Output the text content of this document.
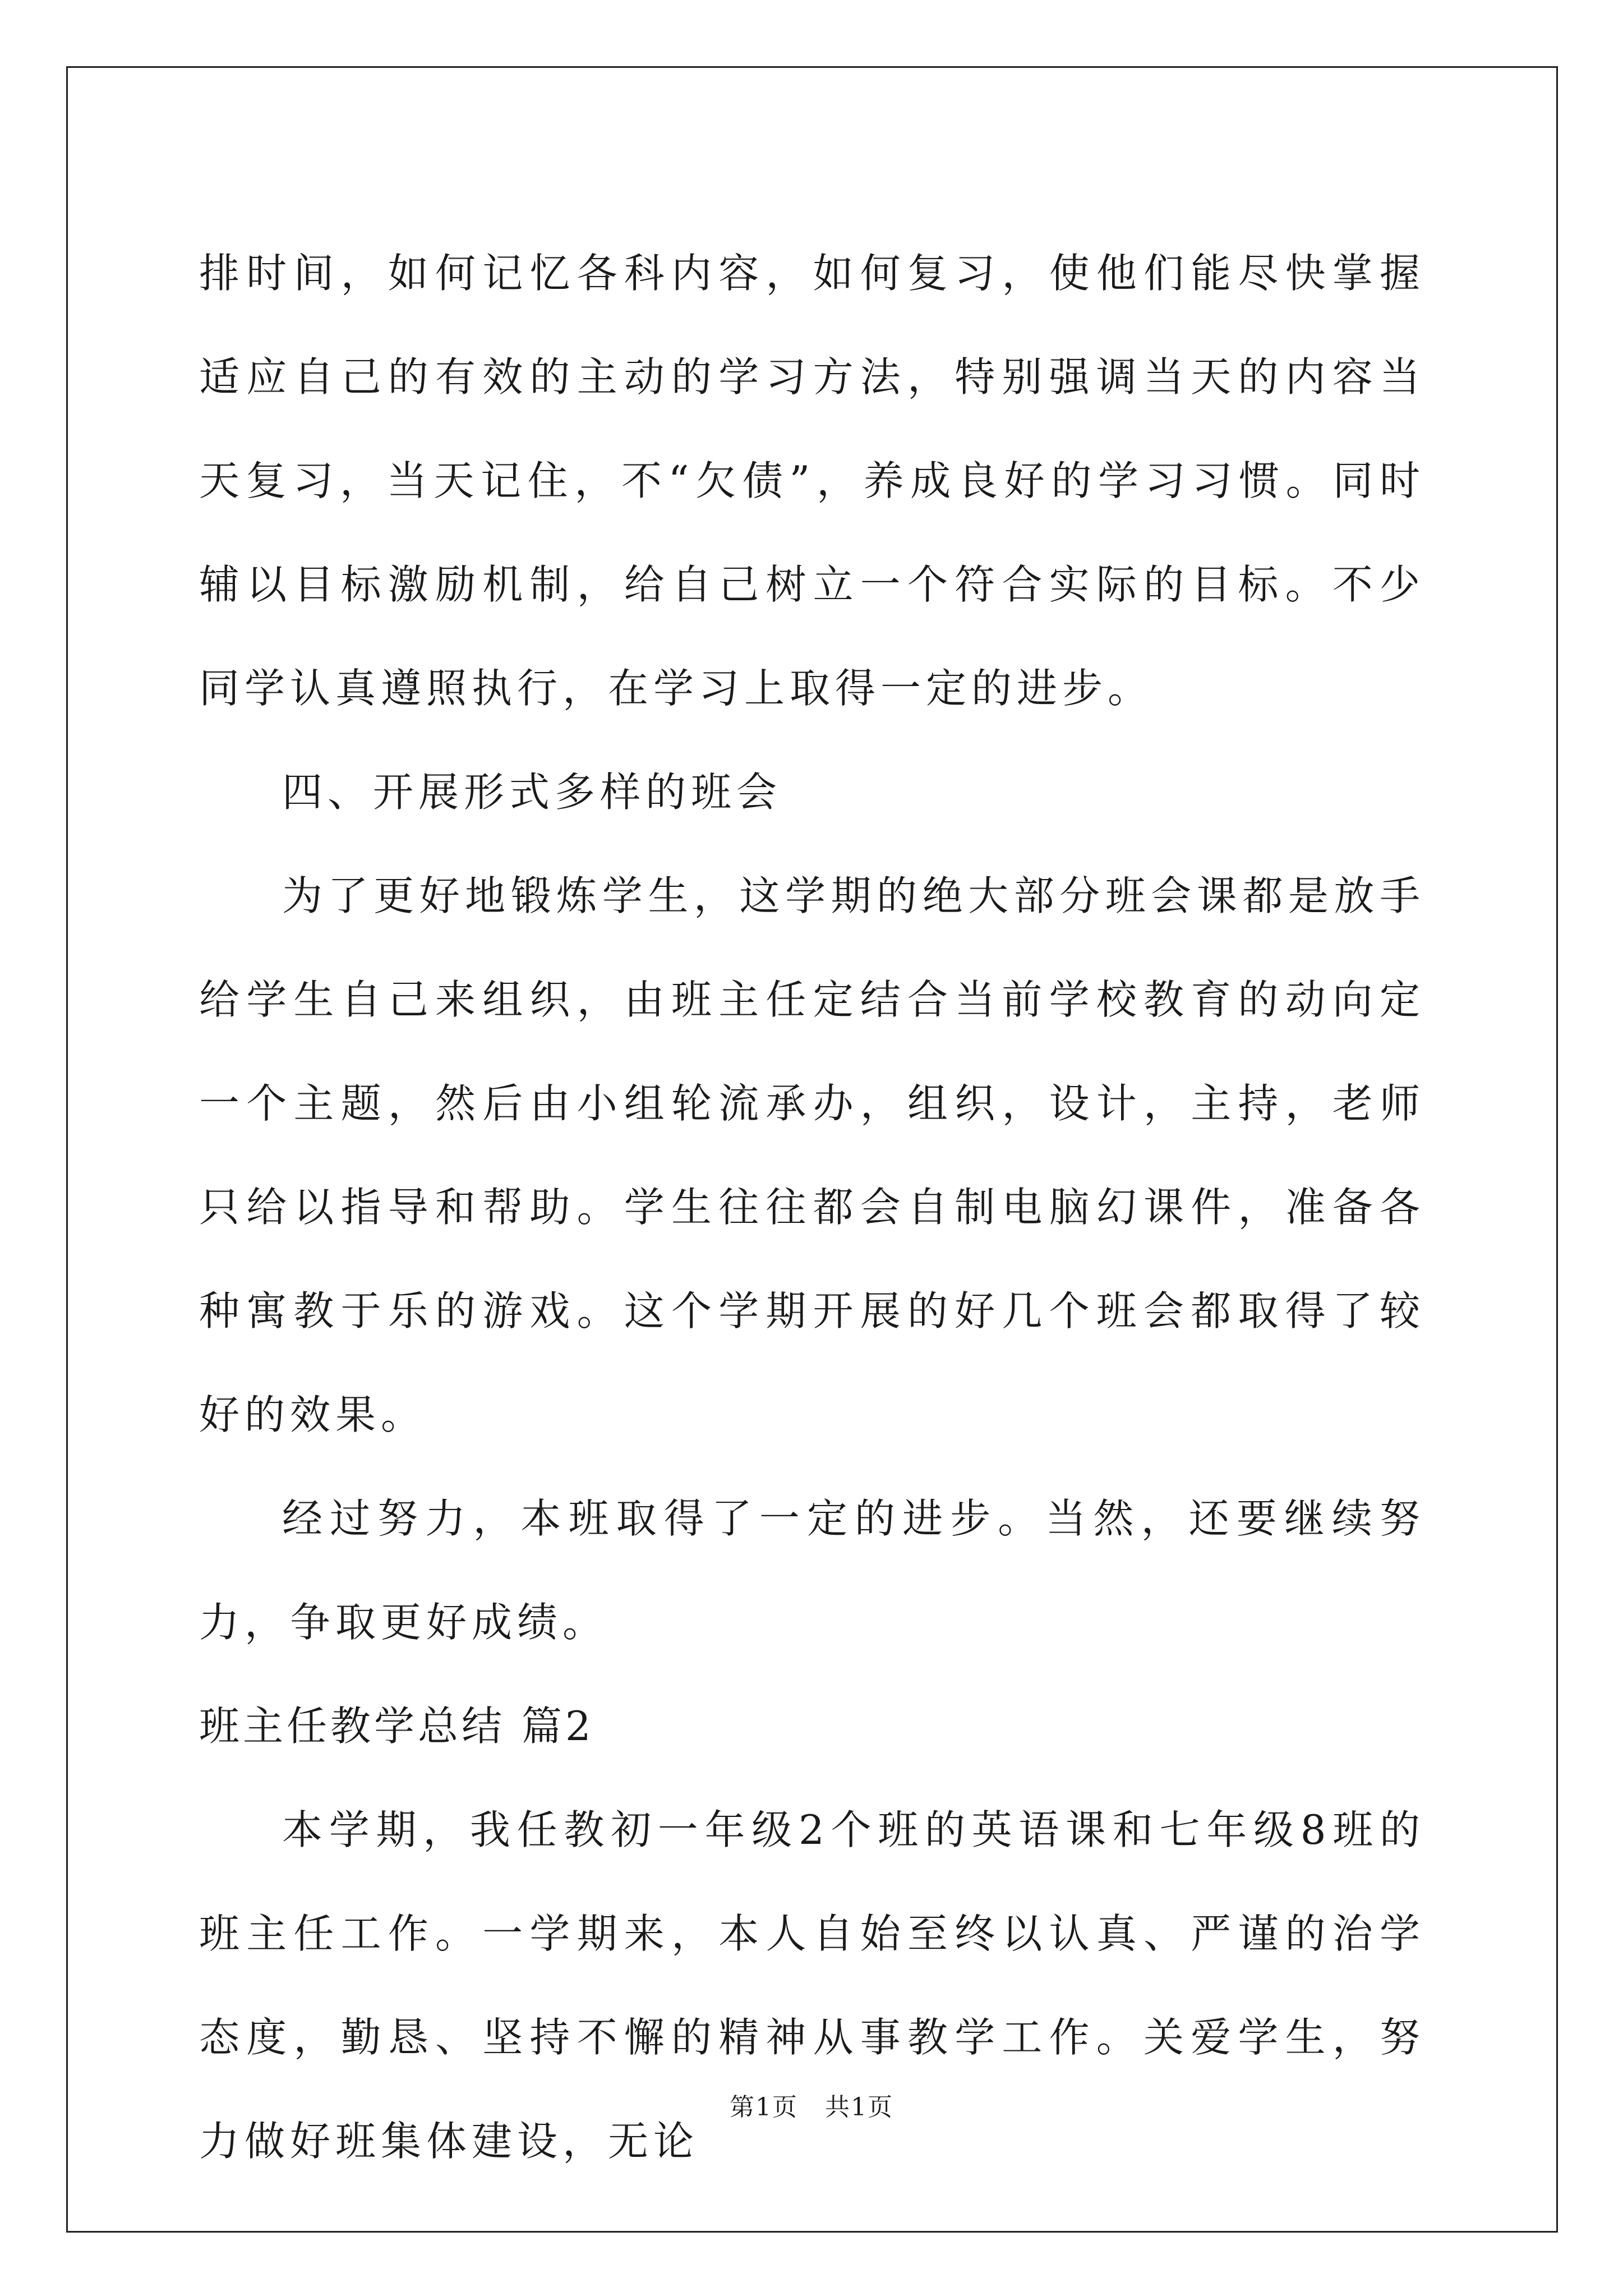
排时间，如何记忆各科内容，如何复习，使他们能尽快掌握适应自己的有效的主动的学习方法，特别强调当天的内容当天复习，当天记住，不“欠债”，养成良好的学习习惯。同时辅以目标激励机制，给自己树立一个符合实际的目标。不少同学认真遵照执行，在学习上取得一定的进步。

四、开展形式多样的班会

为了更好地锻炼学生，这学期的绝大部分班会课都是放手给学生自己来组织，由班主任定结合当前学校教育的动向定一个主题，然后由小组轮流承办，组织，设计，主持，老师只给以指导和帮助。学生往往都会自制电脑幻课件，准备各种寓教于乐的游戏。这个学期开展的好几个班会都取得了较好的效果。

经过努力，本班取得了一定的进步。当然，还要继续努力，争取更好成绩。

班主任教学总结 篇2

本学期，我任教初一年级2个班的英语课和七年级8班的班主任工作。一学期来，本人自始至终以认真、严谨的治学态度，勤恳、坚持不懈的精神从事教学工作。关爱学生，努力做好班集体建设，无论

第1页 共1页
